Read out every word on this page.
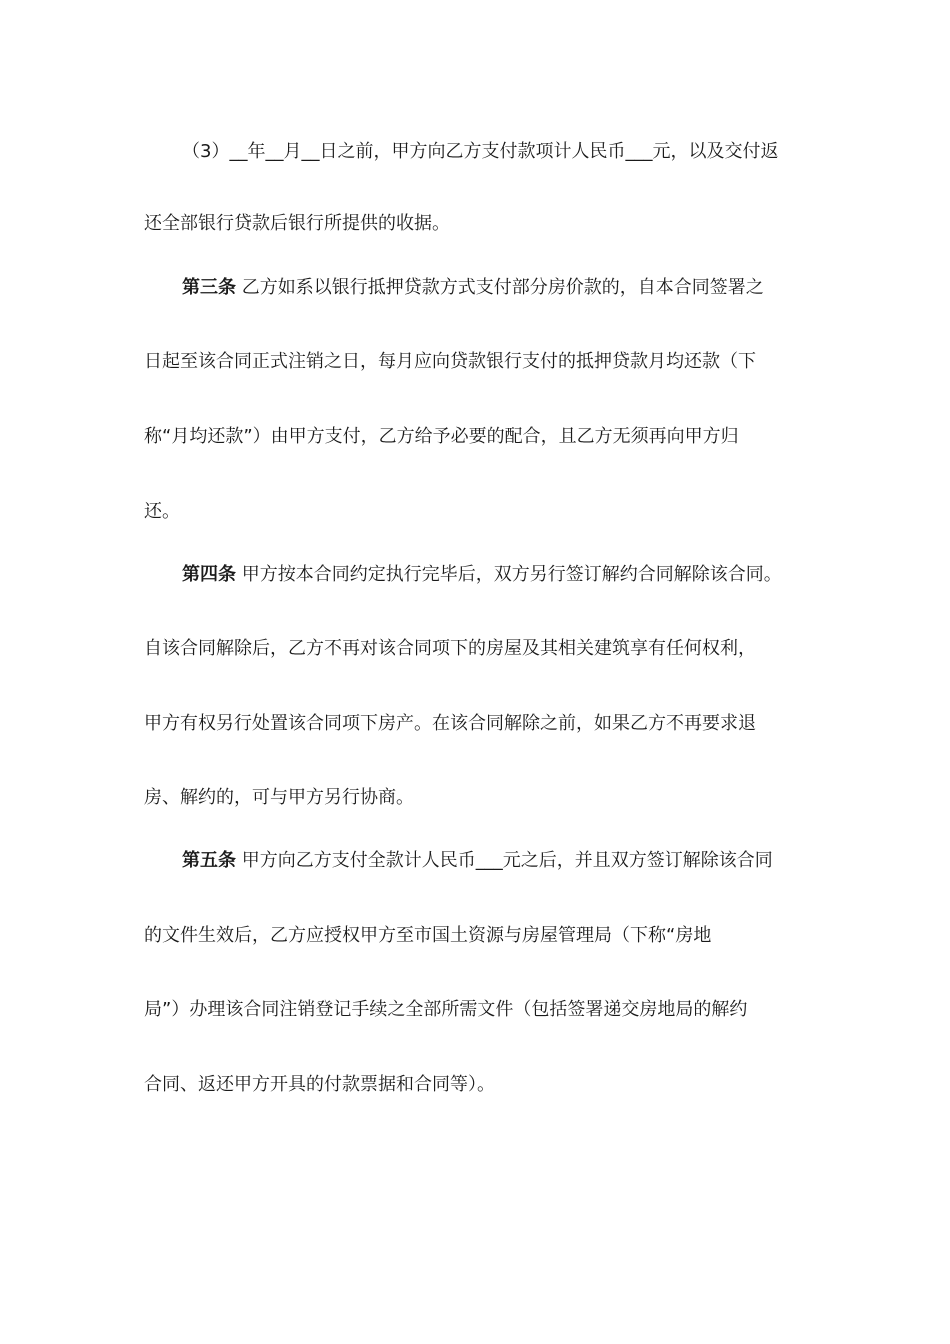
（3）__年__月__日之前，甲方向乙方支付款项计人民币___元，以及交付返
还全部银行贷款后银行所提供的收据。
第三条 乙方如系以银行抵押贷款方式支付部分房价款的，自本合同签署之
日起至该合同正式注销之日，每月应向贷款银行支付的抵押贷款月均还款（下
称“月均还款”）由甲方支付，乙方给予必要的配合，且乙方无须再向甲方归
还。
第四条 甲方按本合同约定执行完毕后，双方另行签订解约合同解除该合同。
自该合同解除后，乙方不再对该合同项下的房屋及其相关建筑享有任何权利，
甲方有权另行处置该合同项下房产。在该合同解除之前，如果乙方不再要求退
房、解约的，可与甲方另行协商。
第五条 甲方向乙方支付全款计人民币___元之后，并且双方签订解除该合同
的文件生效后，乙方应授权甲方至市国土资源与房屋管理局（下称“房地
局”）办理该合同注销登记手续之全部所需文件（包括签署递交房地局的解约
合同、返还甲方开具的付款票据和合同等）。
